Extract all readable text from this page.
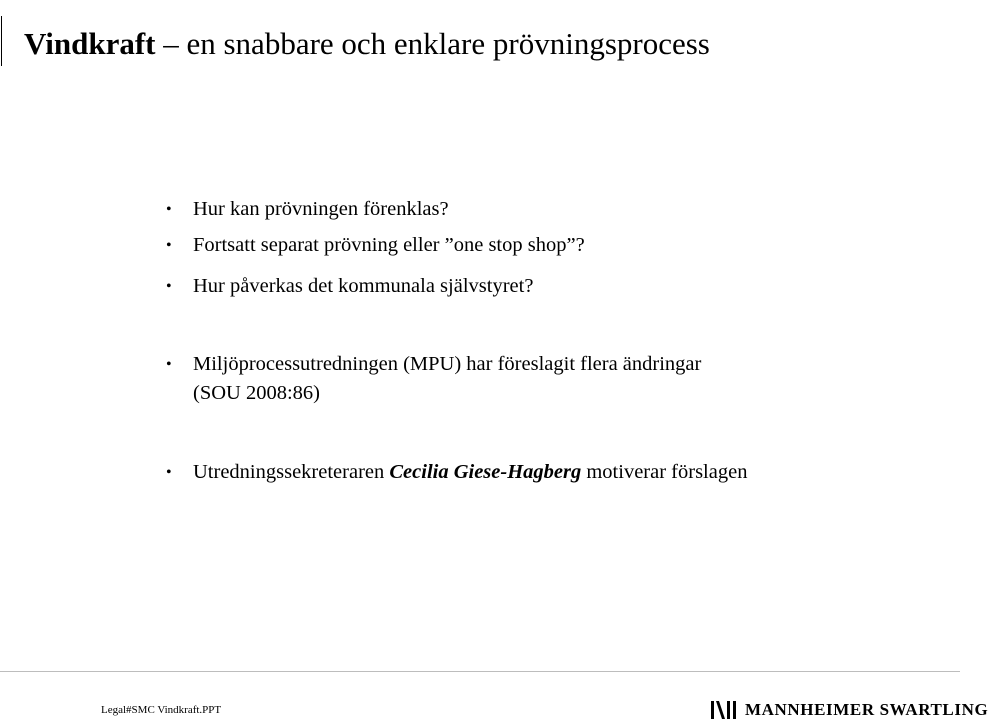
Vindkraft – en snabbare och enklare prövningsprocess
•	Hur kan prövningen förenklas?
•	Fortsatt separat prövning eller ”one stop shop”?
•	Hur påverkas det kommunala självstyret?
•	Miljöprocessutredningen (MPU) har föreslagit flera ändringar
(SOU 2008:86)
•	Utredningssekreteraren Cecilia Giese-Hagberg motiverar förslagen
Legal#SMC Vindkraft.PPT	MANNHEIMER SWARTLING
